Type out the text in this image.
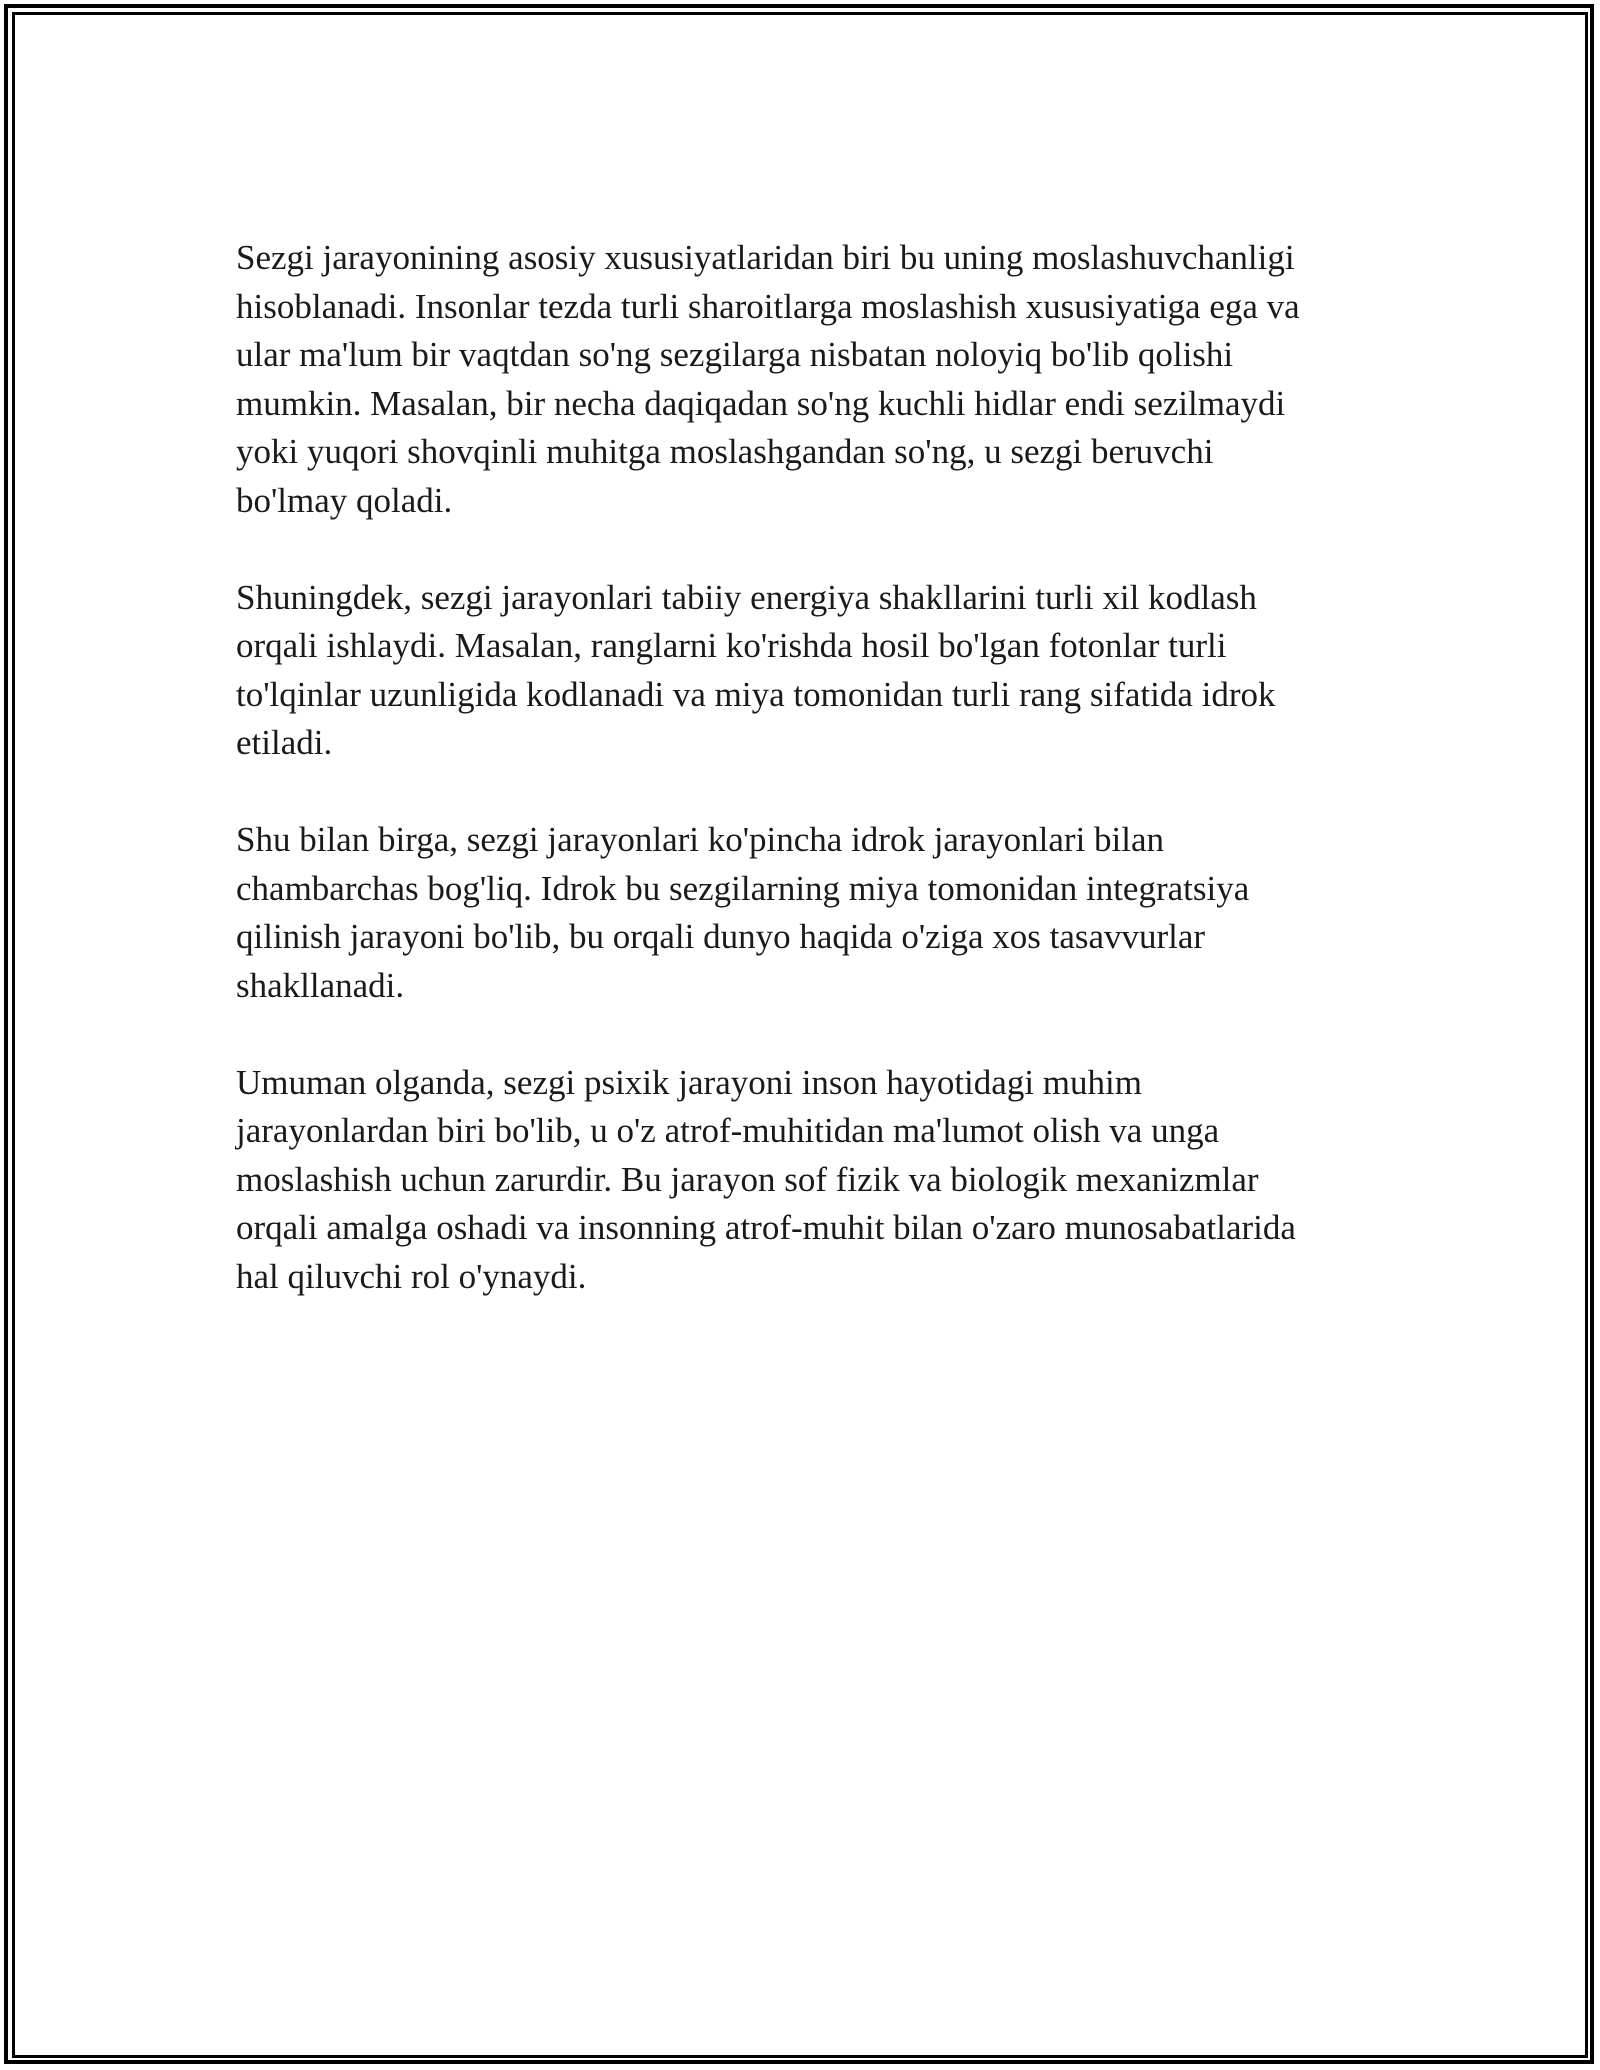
Sezgi jarayonining asosiy xususiyatlaridan biri bu uning moslashuvchanligi
hisoblanadi. Insonlar tezda turli sharoitlarga moslashish xususiyatiga ega va
ular ma'lum bir vaqtdan so'ng sezgilarga nisbatan noloyiq bo'lib qolishi
mumkin. Masalan, bir necha daqiqadan so'ng kuchli hidlar endi sezilmaydi
yoki yuqori shovqinli muhitga moslashgandan so'ng, u sezgi beruvchi
bo'lmay qoladi.

Shuningdek, sezgi jarayonlari tabiiy energiya shakllarini turli xil kodlash
orqali ishlaydi. Masalan, ranglarni ko'rishda hosil bo'lgan fotonlar turli
to'lqinlar uzunligida kodlanadi va miya tomonidan turli rang sifatida idrok
etiladi.

Shu bilan birga, sezgi jarayonlari ko'pincha idrok jarayonlari bilan
chambarchas bog'liq. Idrok bu sezgilarning miya tomonidan integratsiya
qilinish jarayoni bo'lib, bu orqali dunyo haqida o'ziga xos tasavvurlar
shakllanadi.

Umuman olganda, sezgi psixik jarayoni inson hayotidagi muhim
jarayonlardan biri bo'lib, u o'z atrof-muhitidan ma'lumot olish va unga
moslashish uchun zarurdir. Bu jarayon sof fizik va biologik mexanizmlar
orqali amalga oshadi va insonning atrof-muhit bilan o'zaro munosabatlarida
hal qiluvchi rol o'ynaydi.
